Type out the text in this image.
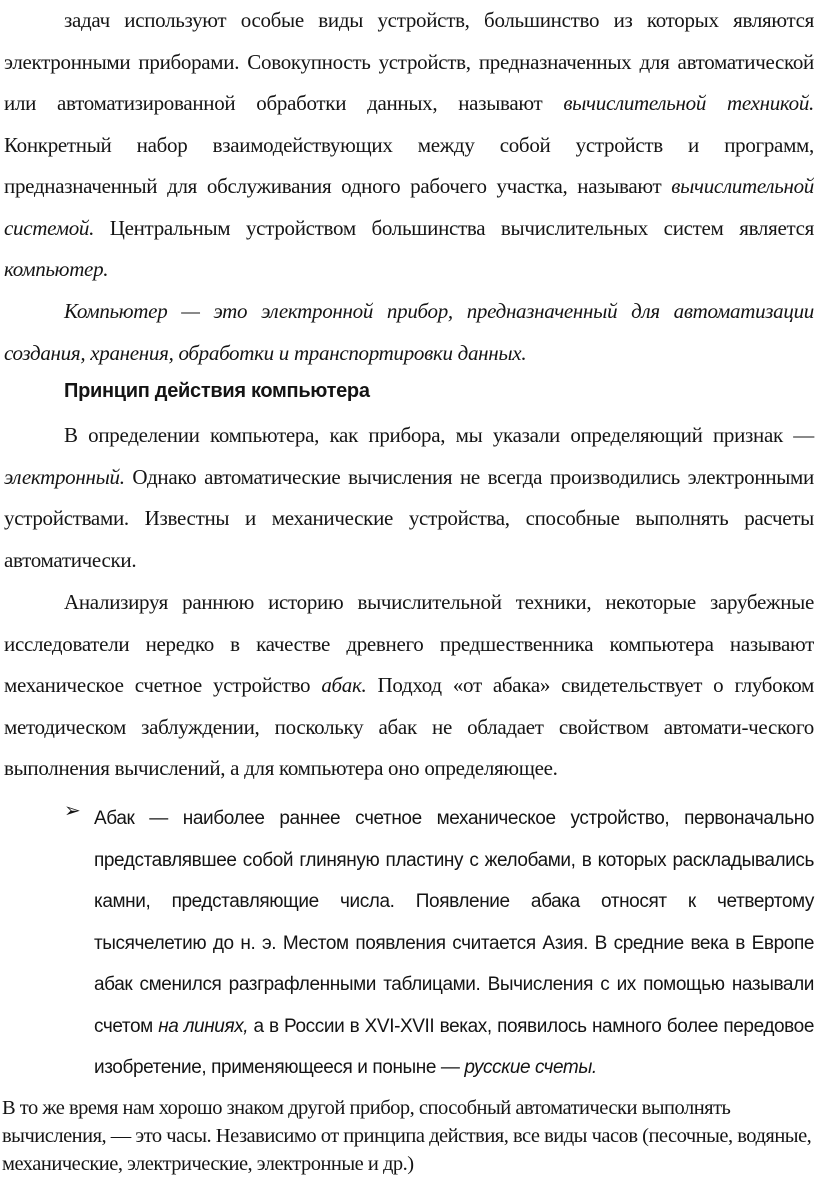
задач используют особые виды устройств, большинство из которых являются электронными приборами. Совокупность устройств, предназначенных для автоматической или автоматизированной обработки данных, называют вычислительной техникой. Конкретный набор взаимодействующих между собой устройств и программ, предназначенный для обслуживания одного рабочего участка, называют вычислительной системой. Центральным устройством большинства вычислительных систем является компьютер.

Компьютер — это электронной прибор, предназначенный для автоматизации создания, хранения, обработки и транспортировки данных.

Принцип действия компьютера

В определении компьютера, как прибора, мы указали определяющий признак — электронный. Однако автоматические вычисления не всегда производились электронными устройствами. Известны и механические устройства, способные выполнять расчеты автоматически.

Анализируя раннюю историю вычислительной техники, некоторые зарубежные исследователи нередко в качестве древнего предшественника компьютера называют механическое счетное устройство абак. Подход «от абака» свидетельствует о глубоком методическом заблуждении, поскольку абак не обладает свойством автомати-ческого выполнения вычислений, а для компьютера оно определяющее.

➢ Абак — наиболее раннее счетное механическое устройство, первоначально представлявшее собой глиняную пластину с желобами, в которых раскладывались камни, представляющие числа. Появление абака относят к четвертому тысячелетию до н. э. Местом появления считается Азия. В средние века в Европе абак сменился разграфленными таблицами. Вычисления с их помощью называли счетом на линиях, а в России в XVI-XVII веках, появилось намного более передовое изобретение, применяющееся и поныне — русские счеты.

В то же время нам хорошо знаком другой прибор, способный автоматически выполнять вычисления, — это часы. Независимо от принципа действия, все виды часов (песочные, водяные, механические, электрические, электронные и др.)
